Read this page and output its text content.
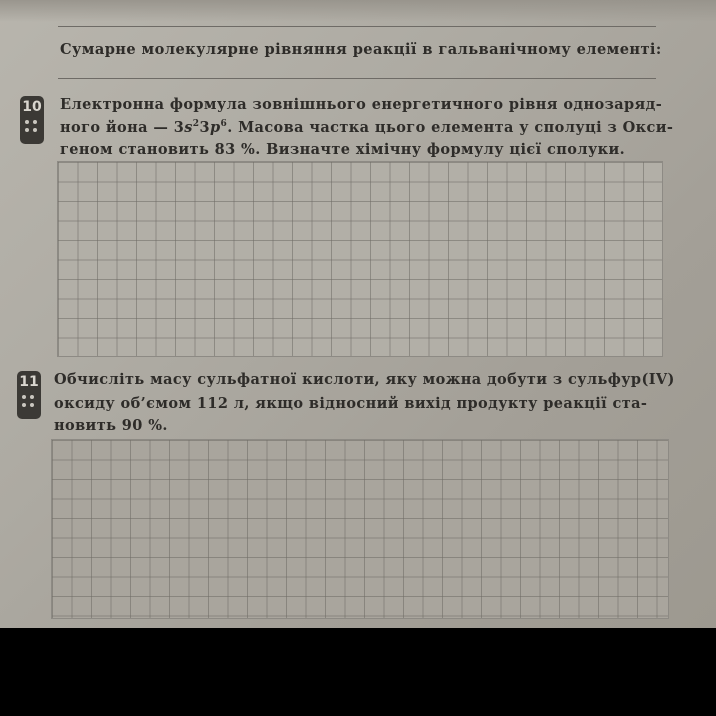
Сумарне молекулярне рівняння реакції в гальванічному елементі:
10 Електронна формула зовнішнього енергетичного рівня однозаряд-
ного йона — $3s^23p^6$. Масова частка цього елемента у сполуці з Окси-
геном становить 83 %. Визначте хімічну формулу цієї сполуки.
11 Обчисліть масу сульфатної кислоти, яку можна добути з сульфур(IV)
оксиду об’ємом 112 л, якщо відносний вихід продукту реакції ста-
новить 90 %.
